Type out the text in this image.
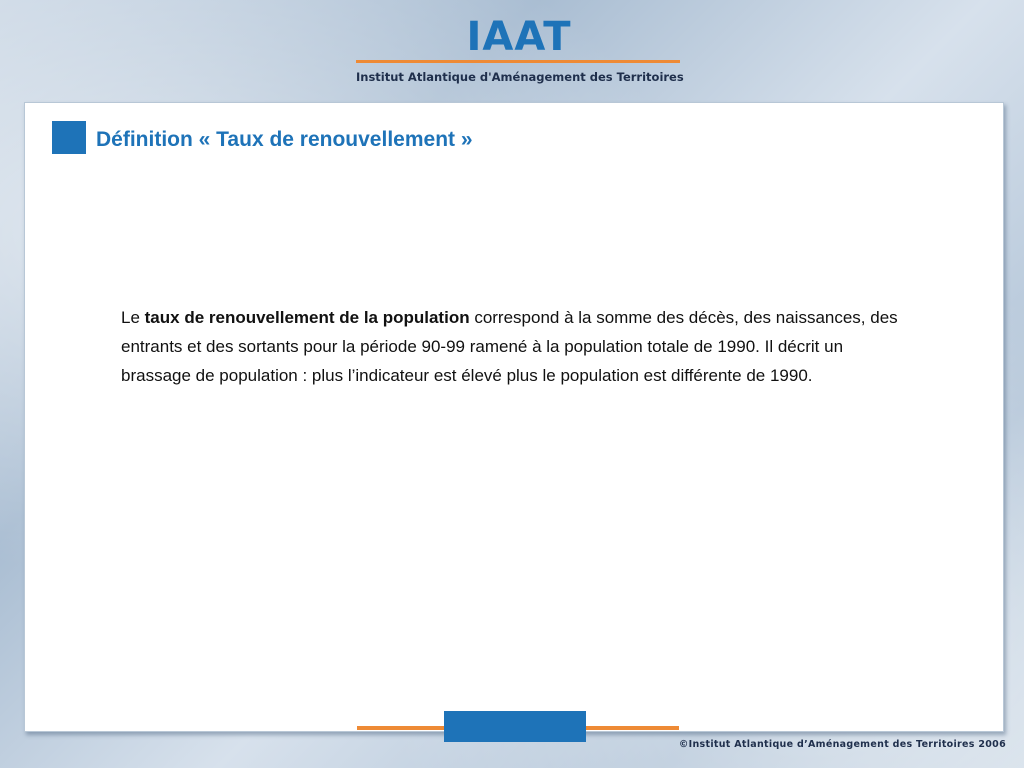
IAAT
Institut Atlantique d'Aménagement des Territoires
Définition « Taux de renouvellement »

Le taux de renouvellement de la population correspond à la somme des décès, des naissances, des entrants et des sortants pour la période 90-99 ramené à la population totale de 1990. Il décrit un brassage de population : plus l’indicateur est élevé plus le population est différente de 1990.

©Institut Atlantique d’Aménagement des Territoires 2006
